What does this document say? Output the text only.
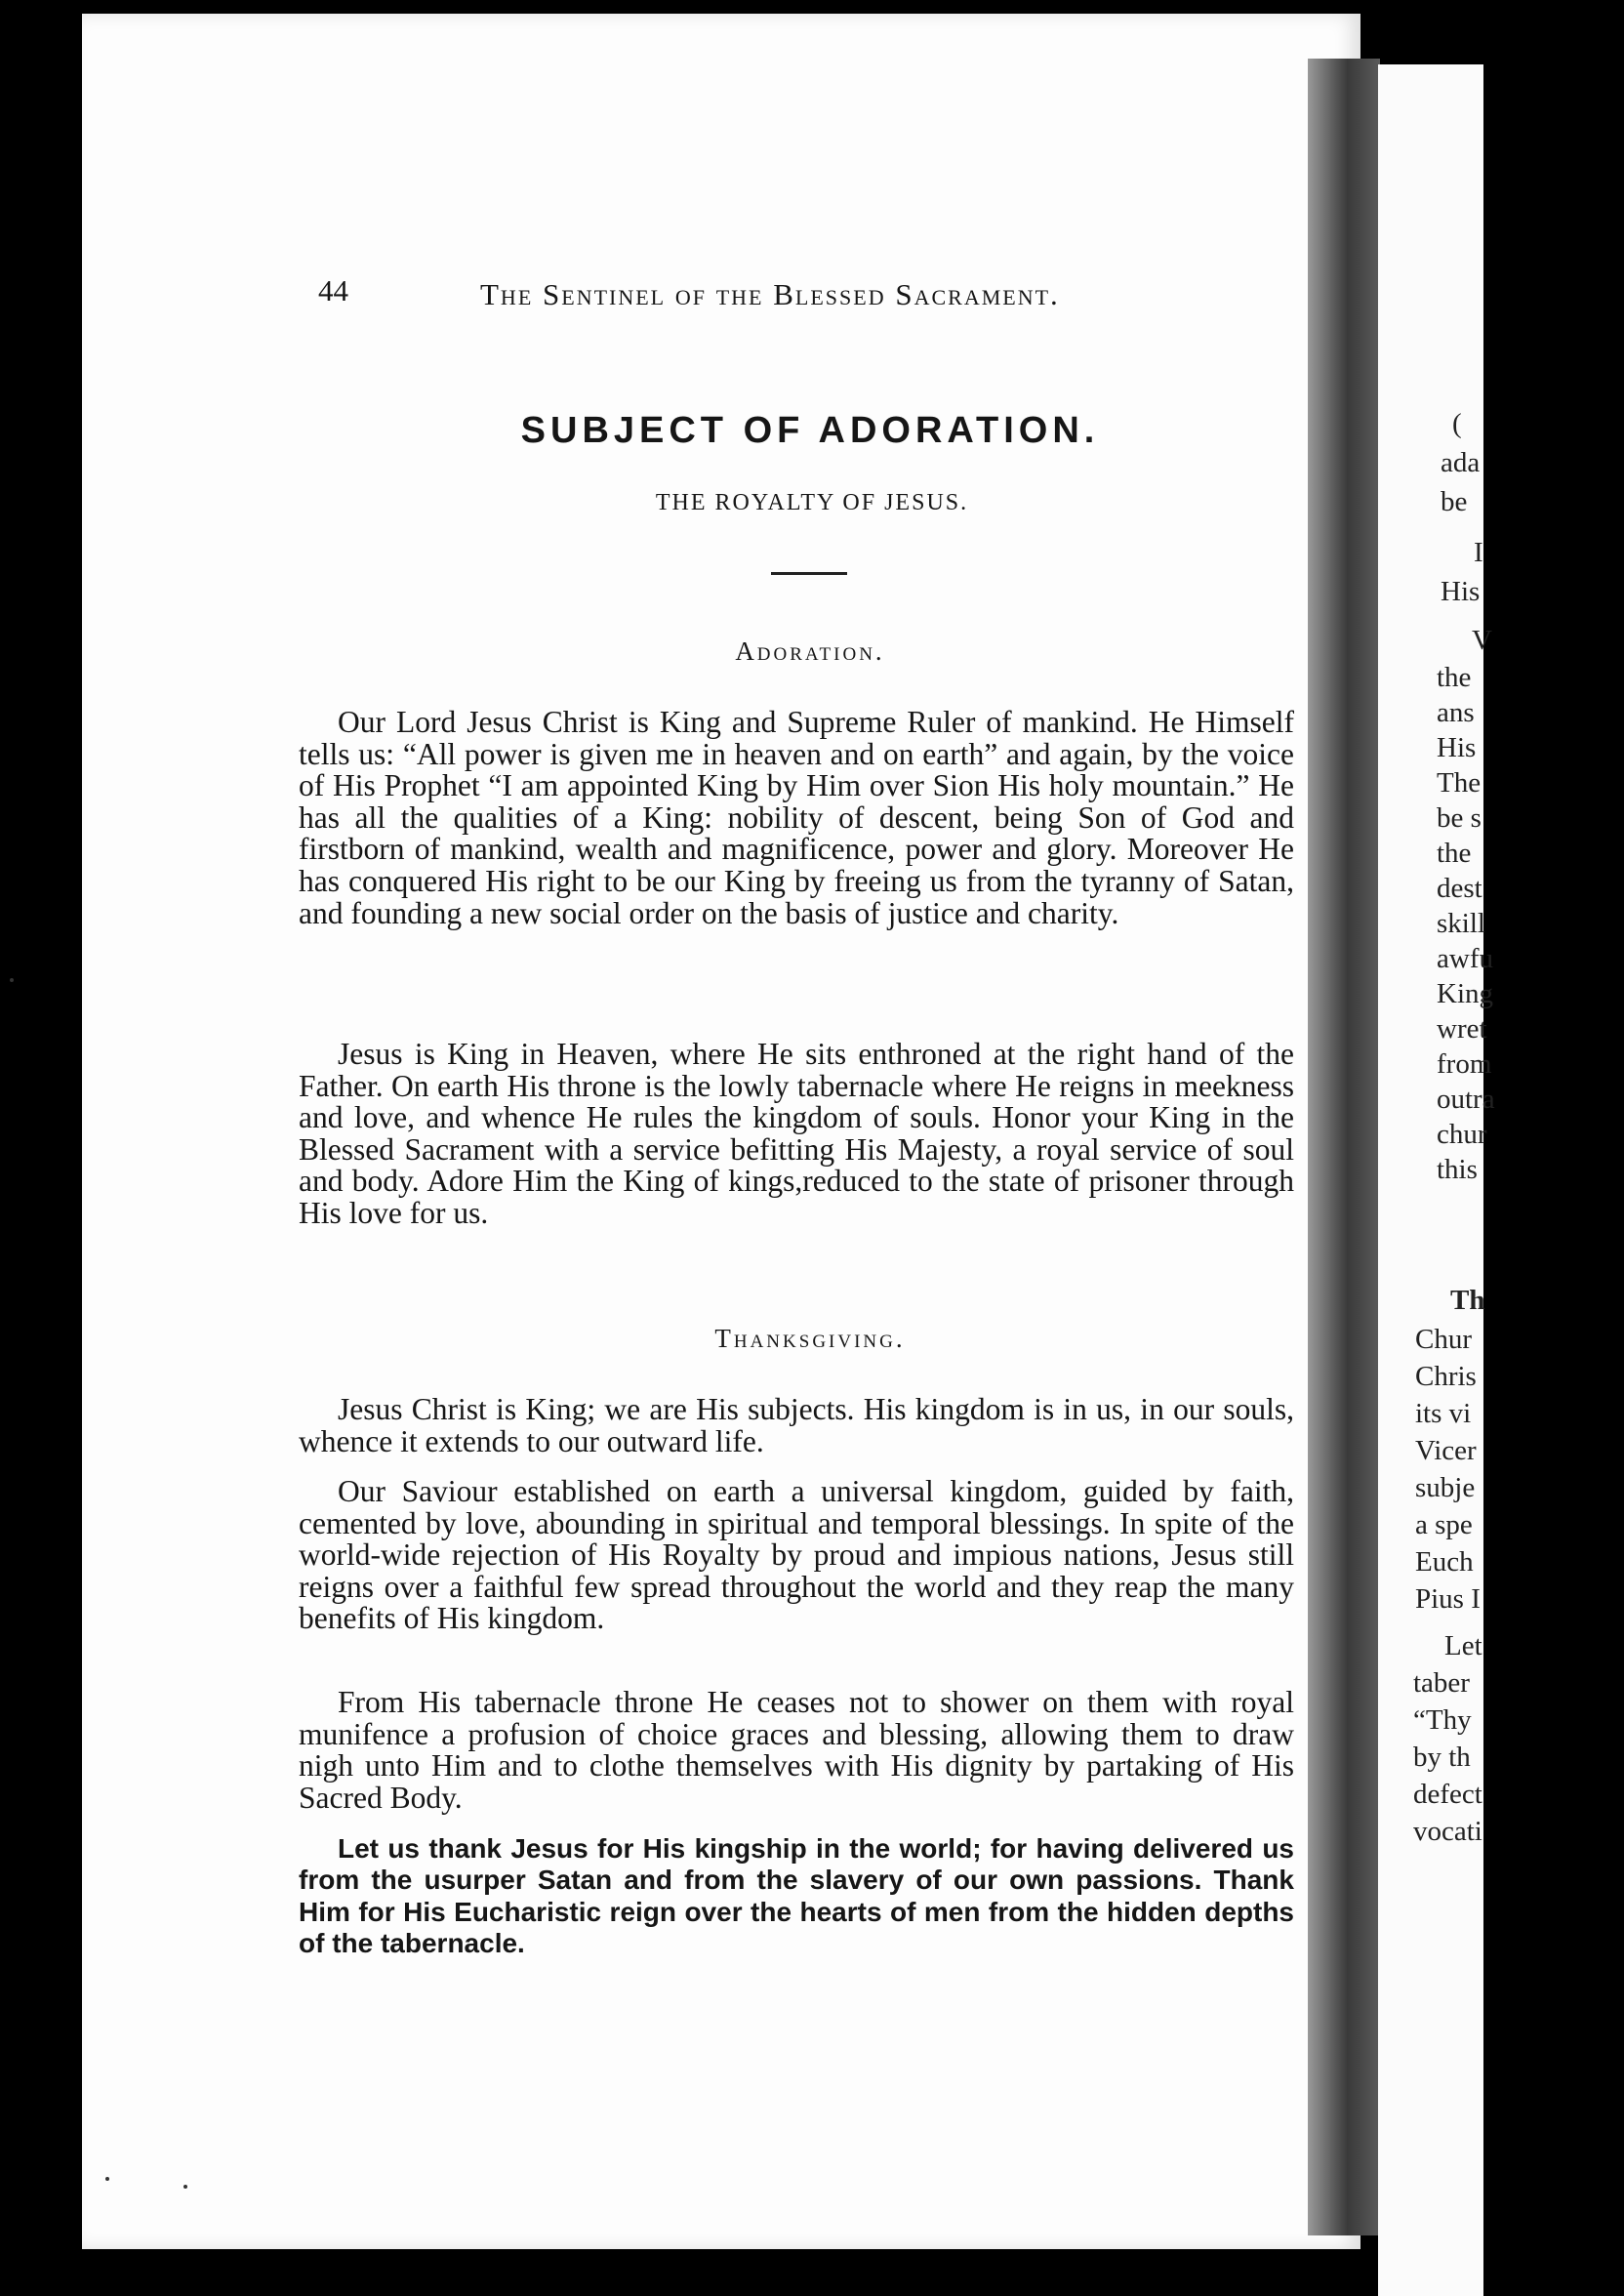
(
ada
be
I
His
V
the
ans
His
The
be s
the
dest
skill
awfu
King
wret
from
outra
chur
this
Th
Chur
Chris
its vi
Vicer
subje
a spe
Euch
Pius I
Let
taber
“Thy
by th
defect
vocati
44	The Sentinel of the Blessed Sacrament.
SUBJECT OF ADORATION.
THE ROYALTY OF JESUS.
Adoration.
Our Lord Jesus Christ is King and Supreme Ruler of mankind. He Himself tells us: “All power is given me in heaven and on earth” and again, by the voice of His Prophet “I am appointed King by Him over Sion His holy mountain.” He has all the qualities of a King: nobility of descent, being Son of God and firstborn of mankind, wealth and magnificence, power and glory. Moreover He has conquered His right to be our King by freeing us from the tyranny of Satan, and founding a new social order on the basis of justice and charity.
Jesus is King in Heaven, where He sits enthroned at the right hand of the Father. On earth His throne is the lowly tabernacle where He reigns in meekness and love, and whence He rules the kingdom of souls. Honor your King in the Blessed Sacrament with a service befitting His Majesty, a royal service of soul and body. Adore Him the King of kings,reduced to the state of prisoner through His love for us.
Thanksgiving.
Jesus Christ is King; we are His subjects. His kingdom is in us, in our souls, whence it extends to our outward life.
Our Saviour established on earth a universal kingdom, guided by faith, cemented by love, abounding in spiritual and temporal blessings. In spite of the world-wide rejection of His Royalty by proud and impious nations, Jesus still reigns over a faithful few spread throughout the world and they reap the many benefits of His kingdom.
From His tabernacle throne He ceases not to shower on them with royal munifence a profusion of choice graces and blessing, allowing them to draw nigh unto Him and to clothe themselves with His dignity by partaking of His Sacred Body.
Let us thank Jesus for His kingship in the world; for having delivered us from the usurper Satan and from the slavery of our own passions. Thank Him for His Eucharistic reign over the hearts of men from the hidden depths of the tabernacle.
